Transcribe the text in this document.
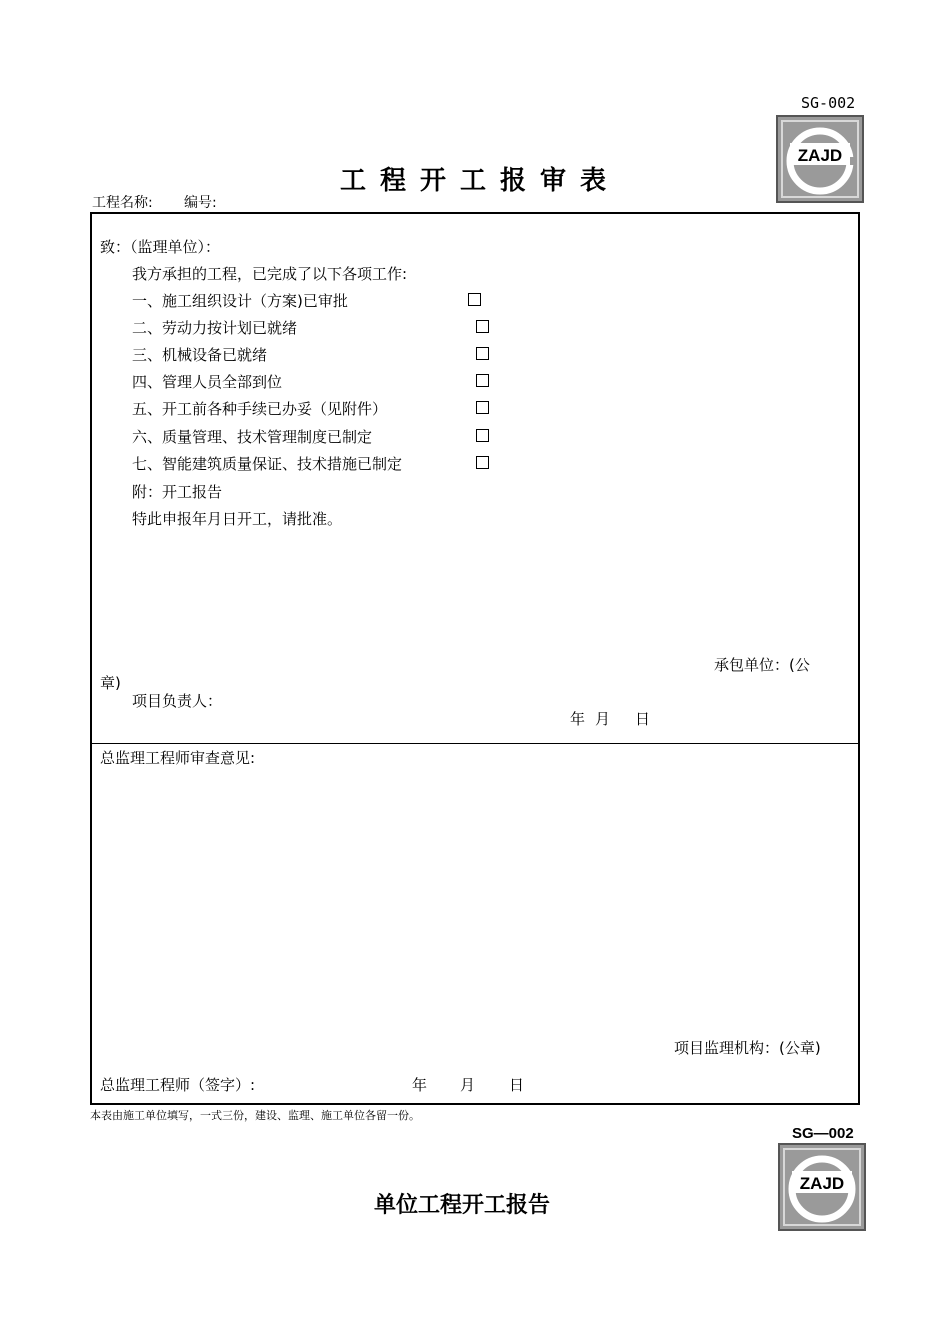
SG-002
ZAJD
工程开工报审表
工程名称: 编号:
致：（监理单位）：
我方承担的工程，已完成了以下各项工作:
一、施工组织设计（方案)已审批
二、劳动力按计划已就绪
三、机械设备已就绪
四、管理人员全部到位
五、开工前各种手续已办妥（见附件）
六、质量管理、技术管理制度已制定
七、智能建筑质量保证、技术措施已制定
附：开工报告
特此申报年月日开工，请批准。
承包单位：(公
章)
项目负责人：
年 月 日
总监理工程师审查意见:
项目监理机构：(公章)
总监理工程师（签字）:	年 月 日
本表由施工单位填写，一式三份，建设、监理、施工单位各留一份。
SG—002
ZAJD
单位工程开工报告
